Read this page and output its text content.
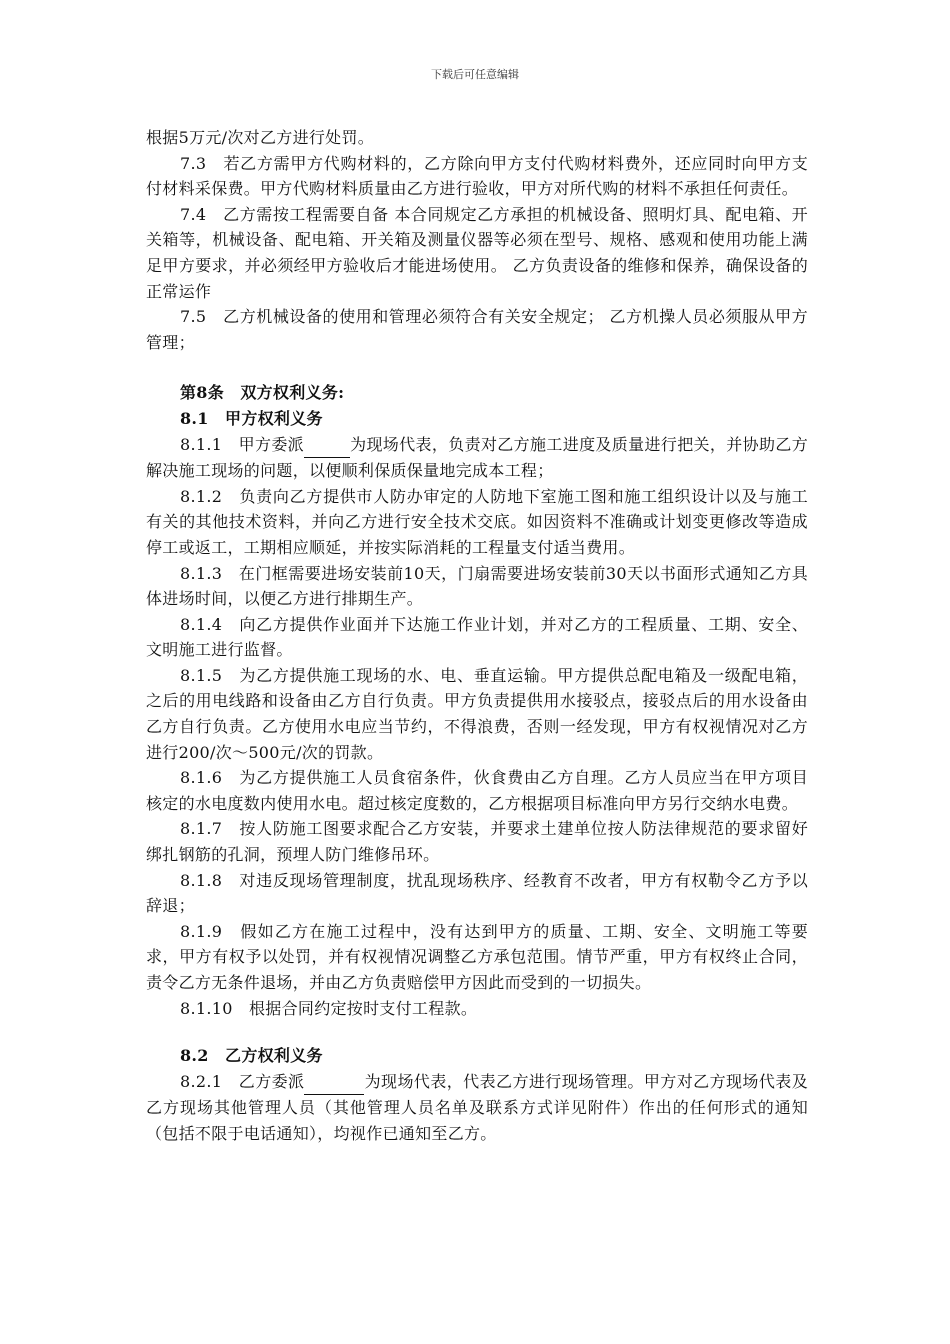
下载后可任意编辑

根据5万元/次对乙方进行处罚。

7.3　若乙方需甲方代购材料的，乙方除向甲方支付代购材料费外，还应同时向甲方支付材料采保费。甲方代购材料质量由乙方进行验收，甲方对所代购的材料不承担任何责任。

7.4　乙方需按工程需要自备 本合同规定乙方承担的机械设备、照明灯具、配电箱、开关箱等，机械设备、配电箱、开关箱及测量仪器等必须在型号、规格、感观和使用功能上满足甲方要求，并必须经甲方验收后才能进场使用。 乙方负责设备的维修和保养，确保设备的正常运作

7.5　乙方机械设备的使用和管理必须符合有关安全规定； 乙方机操人员必须服从甲方管理；

第8条　双方权利义务:

8.1　甲方权利义务

8.1.1　甲方委派	为现场代表，负责对乙方施工进度及质量进行把关，并协助乙方解决施工现场的问题，以便顺利保质保量地完成本工程；

8.1.2　负责向乙方提供市人防办审定的人防地下室施工图和施工组织设计以及与施工有关的其他技术资料，并向乙方进行安全技术交底。如因资料不准确或计划变更修改等造成停工或返工，工期相应顺延，并按实际消耗的工程量支付适当费用。

8.1.3　在门框需要进场安装前10天，门扇需要进场安装前30天以书面形式通知乙方具体进场时间，以便乙方进行排期生产。

8.1.4　向乙方提供作业面并下达施工作业计划，并对乙方的工程质量、工期、安全、文明施工进行监督。

8.1.5　为乙方提供施工现场的水、电、垂直运输。甲方提供总配电箱及一级配电箱，之后的用电线路和设备由乙方自行负责。甲方负责提供用水接驳点，接驳点后的用水设备由乙方自行负责。乙方使用水电应当节约，不得浪费，否则一经发现，甲方有权视情况对乙方进行200/次～500元/次的罚款。

8.1.6　为乙方提供施工人员食宿条件，伙食费由乙方自理。乙方人员应当在甲方项目核定的水电度数内使用水电。超过核定度数的，乙方根据项目标准向甲方另行交纳水电费。

8.1.7　按人防施工图要求配合乙方安装，并要求土建单位按人防法律规范的要求留好绑扎钢筋的孔洞，预埋人防门维修吊环。

8.1.8　对违反现场管理制度，扰乱现场秩序、经教育不改者，甲方有权勒令乙方予以辞退；

8.1.9　假如乙方在施工过程中，没有达到甲方的质量、工期、安全、文明施工等要求，甲方有权予以处罚，并有权视情况调整乙方承包范围。情节严重，甲方有权终止合同，责令乙方无条件退场，并由乙方负责赔偿甲方因此而受到的一切损失。

8.1.10　根据合同约定按时支付工程款。

8.2　乙方权利义务

8.2.1　乙方委派	为现场代表，代表乙方进行现场管理。甲方对乙方现场代表及乙方现场其他管理人员（其他管理人员名单及联系方式详见附件）作出的任何形式的通知（包括不限于电话通知），均视作已通知至乙方。
